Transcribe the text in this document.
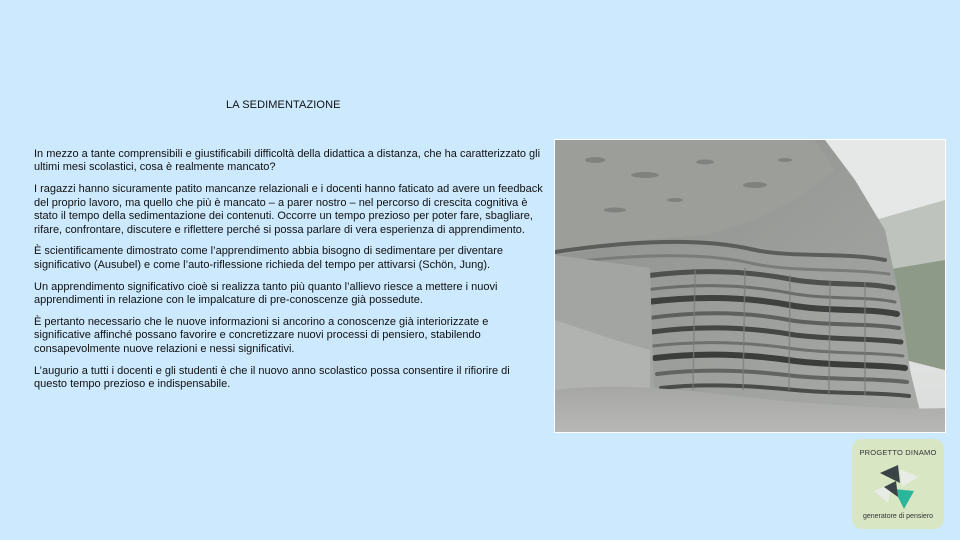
LA SEDIMENTAZIONE

In mezzo a tante comprensibili e giustificabili difficoltà della didattica a distanza, che ha caratterizzato gli ultimi mesi scolastici, cosa è realmente mancato?

I ragazzi hanno sicuramente patito mancanze relazionali e i docenti hanno faticato ad avere un feedback del proprio lavoro, ma quello che più è mancato – a parer nostro – nel percorso di crescita cognitiva è stato il tempo della sedimentazione dei contenuti. Occorre un tempo prezioso per poter fare, sbagliare, rifare, confrontare, discutere e riflettere perché si possa parlare di vera esperienza di apprendimento.

È scientificamente dimostrato come l’apprendimento abbia bisogno di sedimentare per diventare significativo (Ausubel) e come l’auto-riflessione richieda del tempo per attivarsi (Schön, Jung).

Un apprendimento significativo cioè si realizza tanto più quanto l’allievo riesce a mettere i nuovi apprendimenti in relazione con le impalcature di pre-conoscenze già possedute.

È pertanto necessario che le nuove informazioni si ancorino a conoscenze già interiorizzate e significative affinché possano favorire e concretizzare nuovi processi di pensiero, stabilendo consapevolmente nuove relazioni e nessi significativi.

L’augurio a tutti i docenti e gli studenti è che il nuovo anno scolastico possa consentire il rifiorire di questo tempo prezioso e indispensabile.

PROGETTO DINAMO
generatore di pensiero
